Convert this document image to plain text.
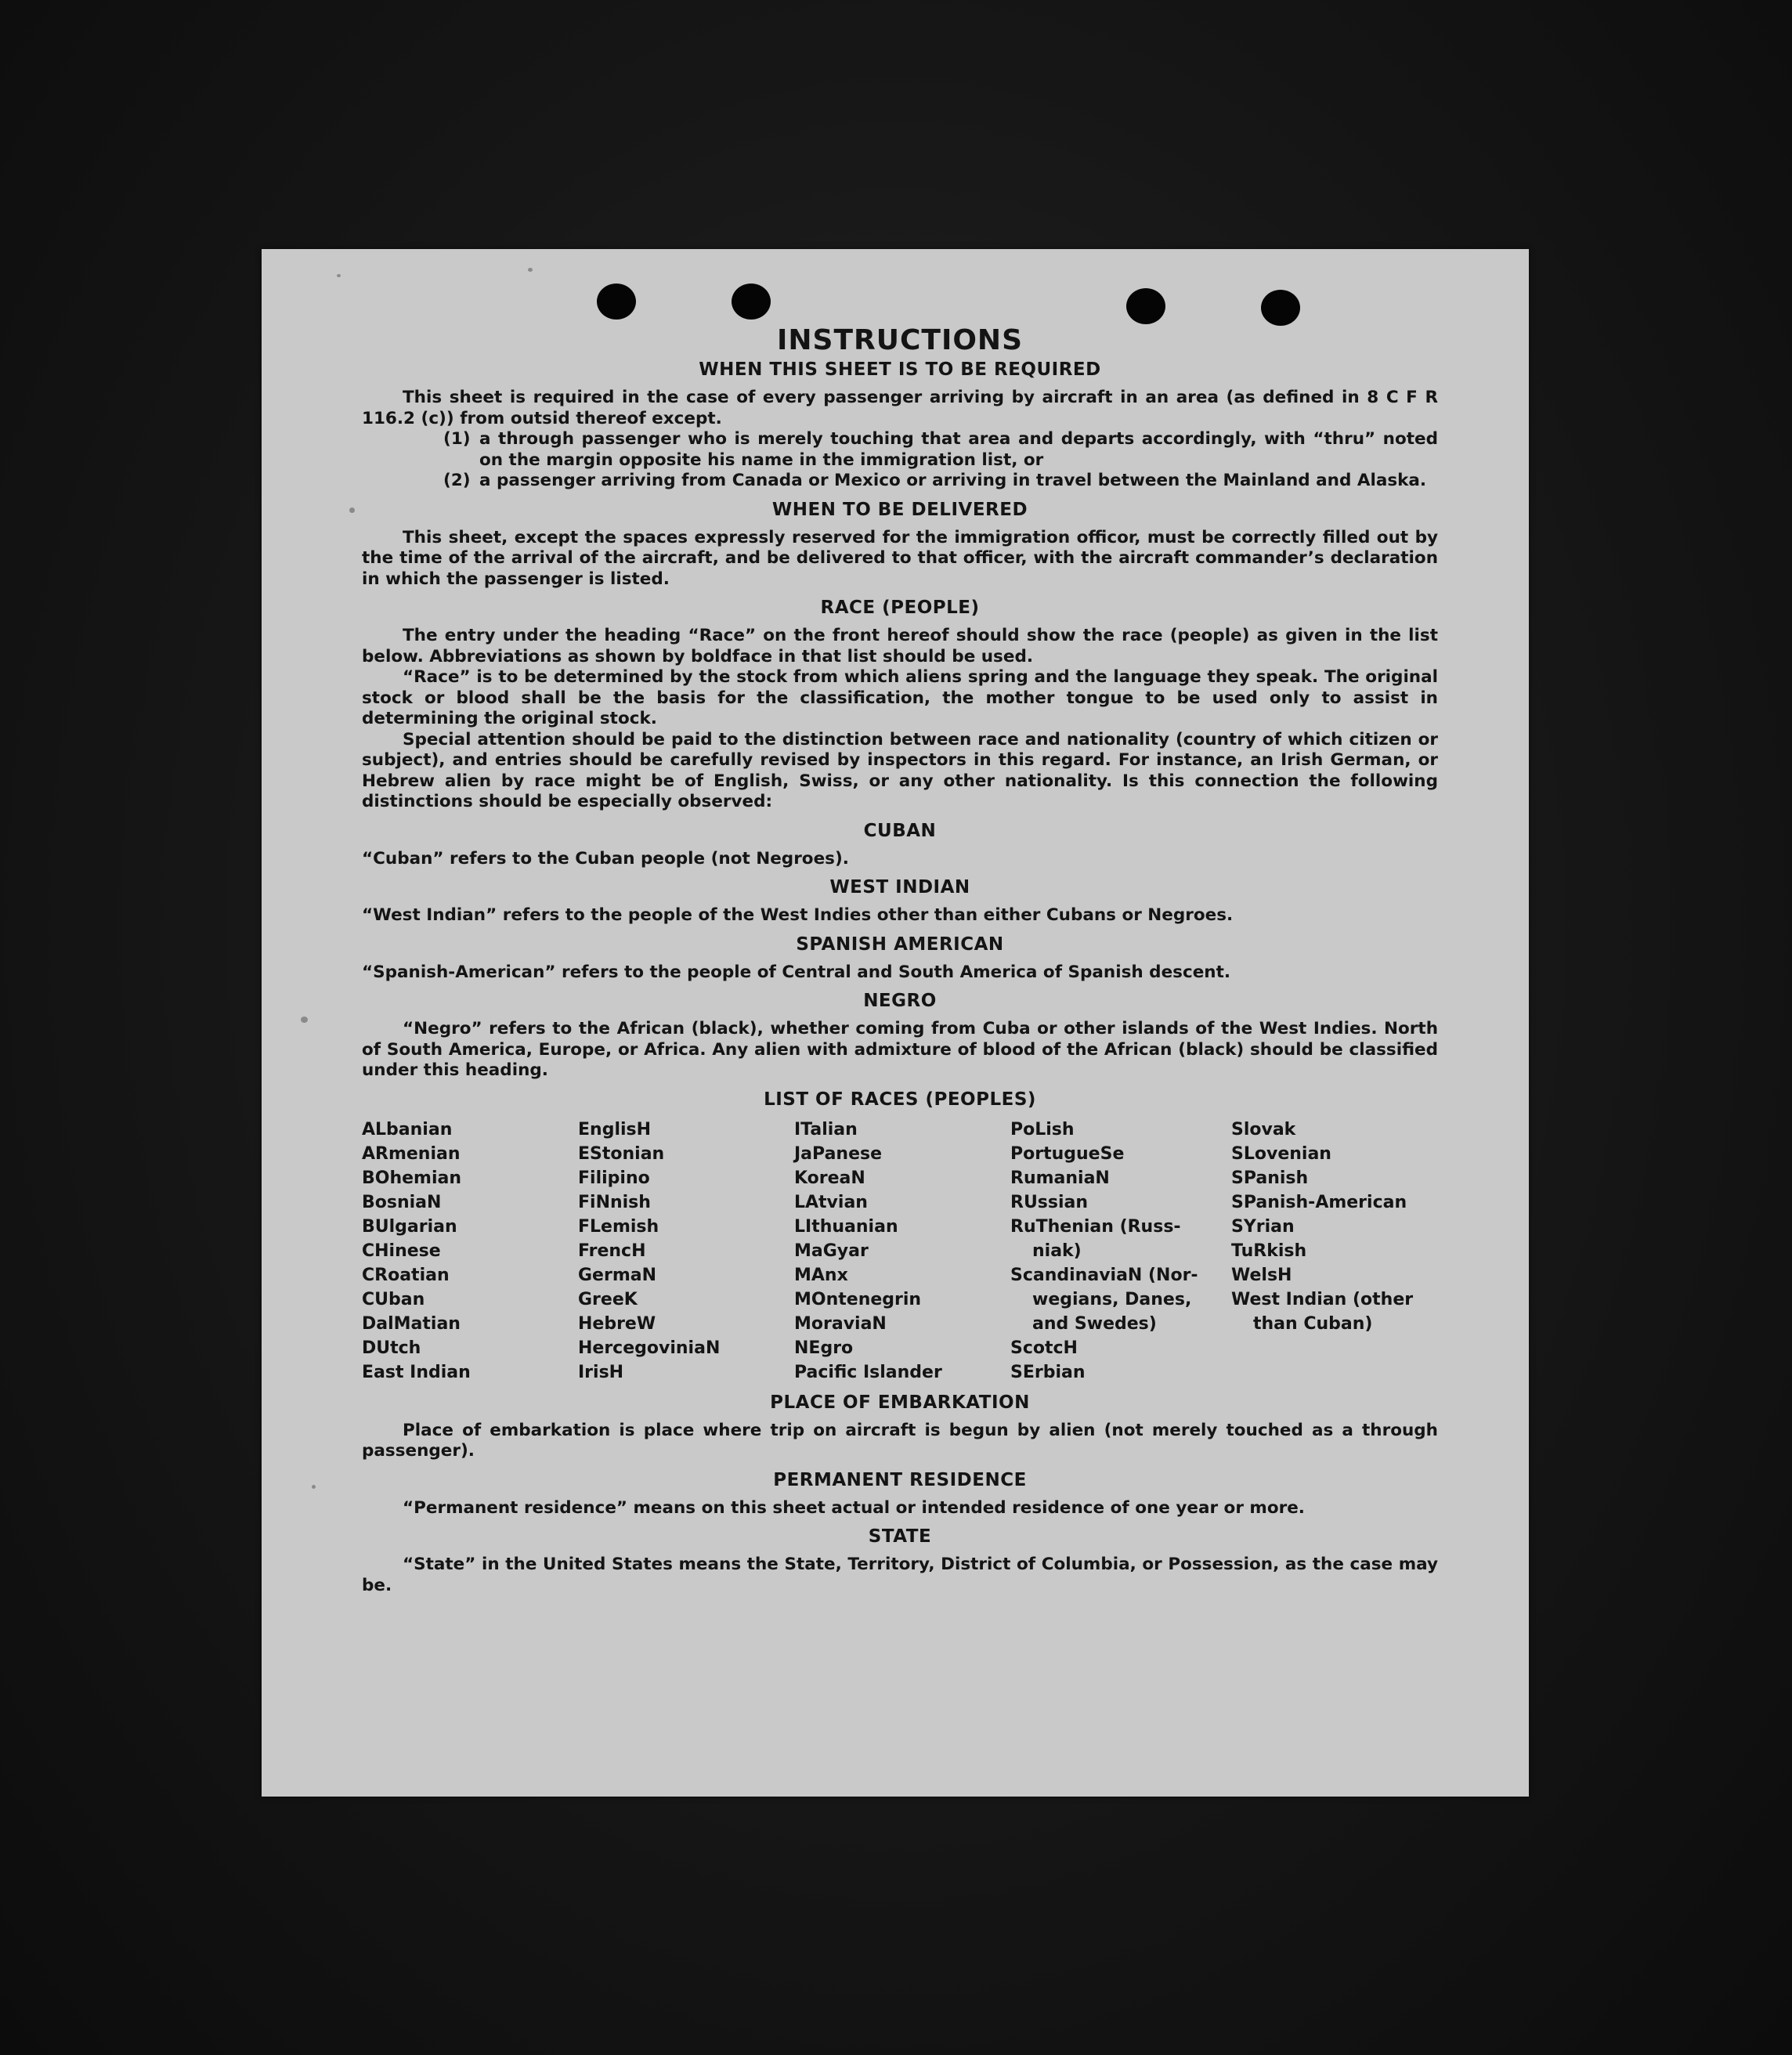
INSTRUCTIONS
WHEN THIS SHEET IS TO BE REQUIRED

This sheet is required in the case of every passenger arriving by aircraft in an area (as defined in 8 C F R 116.2 (c)) from outsid thereof except.

(1) a through passenger who is merely touching that area and departs accordingly, with “thru” noted on the margin opposite his name in the immigration list, or
(2) a passenger arriving from Canada or Mexico or arriving in travel between the Mainland and Alaska.
WHEN TO BE DELIVERED

This sheet, except the spaces expressly reserved for the immigration officor, must be correctly filled out by the time of the arrival of the aircraft, and be delivered to that officer, with the aircraft commander’s declaration in which the passenger is listed.

RACE (PEOPLE)

The entry under the heading “Race” on the front hereof should show the race (people) as given in the list below. Abbreviations as shown by boldface in that list should be used.

“Race” is to be determined by the stock from which aliens spring and the language they speak. The original stock or blood shall be the basis for the classification, the mother tongue to be used only to assist in determining the original stock.

Special attention should be paid to the distinction between race and nationality (country of which citizen or subject), and entries should be carefully revised by inspectors in this regard. For instance, an Irish German, or Hebrew alien by race might be of English, Swiss, or any other nationality. Is this connection the following distinctions should be especially observed:

CUBAN

“Cuban” refers to the Cuban people (not Negroes).

WEST INDIAN

“West Indian” refers to the people of the West Indies other than either Cubans or Negroes.

SPANISH AMERICAN

“Spanish-American” refers to the people of Central and South America of Spanish descent.

NEGRO

“Negro” refers to the African (black), whether coming from Cuba or other islands of the West Indies. North of South America, Europe, or Africa. Any alien with admixture of blood of the African (black) should be classified under this heading.

LIST OF RACES (PEOPLES)
ALbanian
ARmenian
BOhemian
BosniaN
BUlgarian
CHinese
CRoatian
CUban
DalMatian
DUtch
East Indian
EnglisH
EStonian
Filipino
FiNnish
FLemish
FrencH
GermaN
GreeK
HebreW
HercegoviniaN
IrisH
ITalian
JaPanese
KoreaN
LAtvian
LIthuanian
MaGyar
MAnx
MOntenegrin
MoraviaN
NEgro
Pacific Islander
PoLish
PortugueSe
RumaniaN
RUssian
RuThenian (Russ-
niak)
ScandinaviaN (Nor-
wegians, Danes,
and Swedes)
ScotcH
SErbian
Slovak
SLovenian
SPanish
SPanish-American
SYrian
TuRkish
WelsH
West Indian (other
than Cuban)
PLACE OF EMBARKATION

Place of embarkation is place where trip on aircraft is begun by alien (not merely touched as a through passenger).

PERMANENT RESIDENCE

“Permanent residence” means on this sheet actual or intended residence of one year or more.

STATE

“State” in the United States means the State, Territory, District of Columbia, or Possession, as the case may be.
